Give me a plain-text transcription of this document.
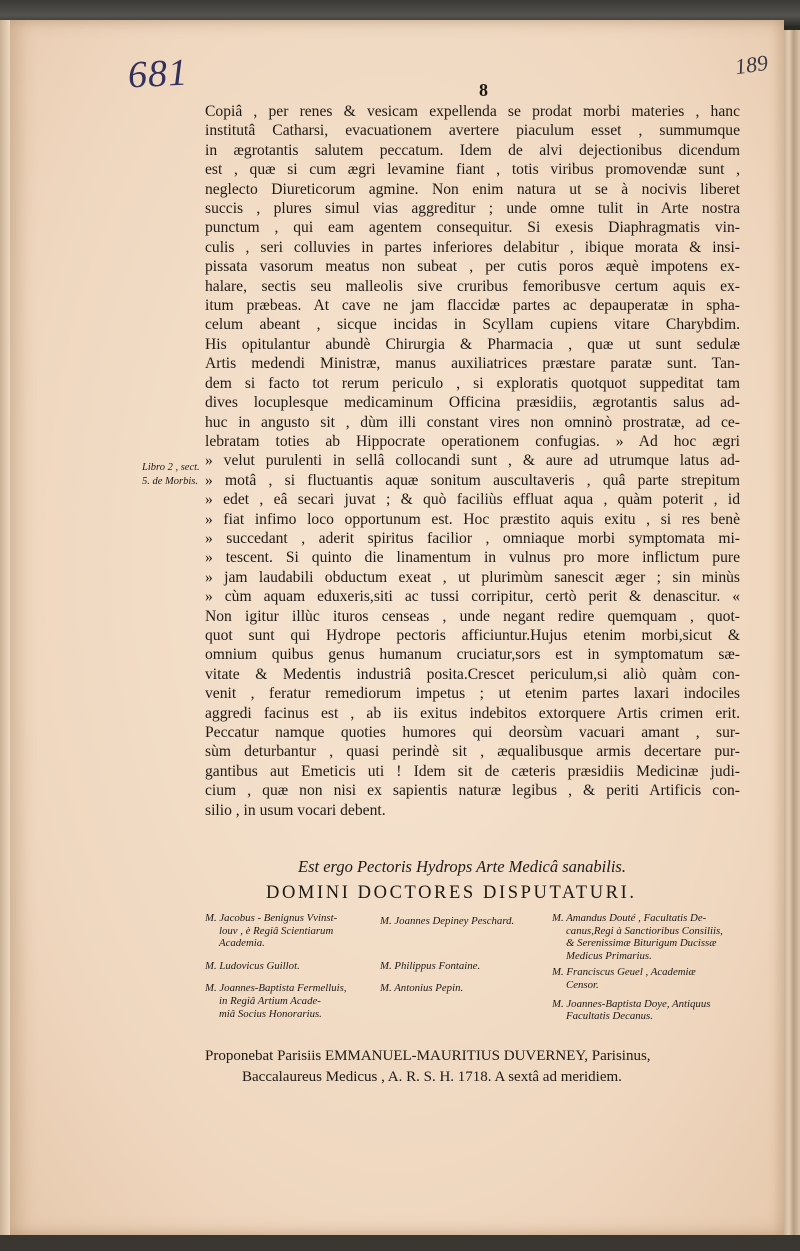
681	189
8
Libro 2 , sect.
5. de Morbis.
Copiâ , per renes & vesicam expellenda se prodat morbi materies , hanc
institutâ Catharsi, evacuationem avertere piaculum esset , summumque
in ægrotantis salutem peccatum. Idem de alvi dejectionibus dicendum
est , quæ si cum ægri levamine fiant , totis viribus promovendæ sunt ,
neglecto Diureticorum agmine. Non enim natura ut se à nocivis liberet
succis , plures simul vias aggreditur ; unde omne tulit in Arte nostra
punctum , qui eam agentem consequitur. Si exesis Diaphragmatis vin-
culis , seri colluvies in partes inferiores delabitur , ibique morata & insi-
pissata vasorum meatus non subeat , per cutis poros æquè impotens ex-
halare, sectis seu malleolis sive cruribus femoribusve certum aquis ex-
itum præbeas. At cave ne jam flaccidæ partes ac depauperatæ in spha-
celum abeant , sicque incidas in Scyllam cupiens vitare Charybdim.
His opitulantur abundè Chirurgia & Pharmacia , quæ ut sunt sedulæ
Artis medendi Ministræ, manus auxiliatrices præstare paratæ sunt. Tan-
dem si facto tot rerum periculo , si exploratis quotquot suppeditat tam
dives locuplesque medicaminum Officina præsidiis, ægrotantis salus ad-
huc in angusto sit , dùm illi constant vires non omninò prostratæ, ad ce-
lebratam toties ab Hippocrate operationem confugias. » Ad hoc ægri
» velut purulenti in sellâ collocandi sunt , & aure ad utrumque latus ad-
» motâ , si fluctuantis aquæ sonitum auscultaveris , quâ parte strepitum
» edet , eâ secari juvat ; & quò faciliùs effluat aqua , quàm poterit , id
» fiat infimo loco opportunum est. Hoc præstito aquis exitu , si res benè
» succedant , aderit spiritus facilior , omniaque morbi symptomata mi-
» tescent. Si quinto die linamentum in vulnus pro more inflictum pure
» jam laudabili obductum exeat , ut plurimùm sanescit æger ; sin minùs
» cùm aquam eduxeris,siti ac tussi corripitur, certò perit & denascitur. «
Non igitur illùc ituros censeas , unde negant redire quemquam , quot-
quot sunt qui Hydrope pectoris afficiuntur.Hujus etenim morbi,sicut &
omnium quibus genus humanum cruciatur,sors est in symptomatum sæ-
vitate & Medentis industriâ posita.Crescet periculum,si aliò quàm con-
venit , feratur remediorum impetus ; ut etenim partes laxari indociles
aggredi facinus est , ab iis exitus indebitos extorquere Artis crimen erit.
Peccatur namque quoties humores qui deorsùm vacuari amant , sur-
sùm deturbantur , quasi perindè sit , æqualibusque armis decertare pur-
gantibus aut Emeticis uti ! Idem sit de cæteris præsidiis Medicinæ judi-
cium , quæ non nisi ex sapientis naturæ legibus , & periti Artificis con-
silio , in usum vocari debent.
Est ergo Pectoris Hydrops Arte Medicâ sanabilis.
DOMINI DOCTORES DISPUTATURI.
M. Jacobus - Benignus Vvinst-
louv , è Regiâ Scientiarum
Academia.
M. Ludovicus Guillot.
M. Joannes-Baptista Fermelluis,
in Regiâ Artium Acade-
miâ Socius Honorarius.
M. Joannes Depiney Peschard.
M. Philippus Fontaine.
M. Antonius Pepin.
M. Amandus Douté , Facultatis De-
canus,Regi à Sanctioribus Consiliis,
& Serenissimæ Biturigum Ducissæ
Medicus Primarius.
M. Franciscus Geuel , Academiæ
Censor.
M. Joannes-Baptista Doye, Antiquus
Facultatis Decanus.
Proponebat Parisiis EMMANUEL-MAURITIUS DUVERNEY, Parisinus,
Baccalaureus Medicus , A. R. S. H. 1718. A sextâ ad meridiem.
